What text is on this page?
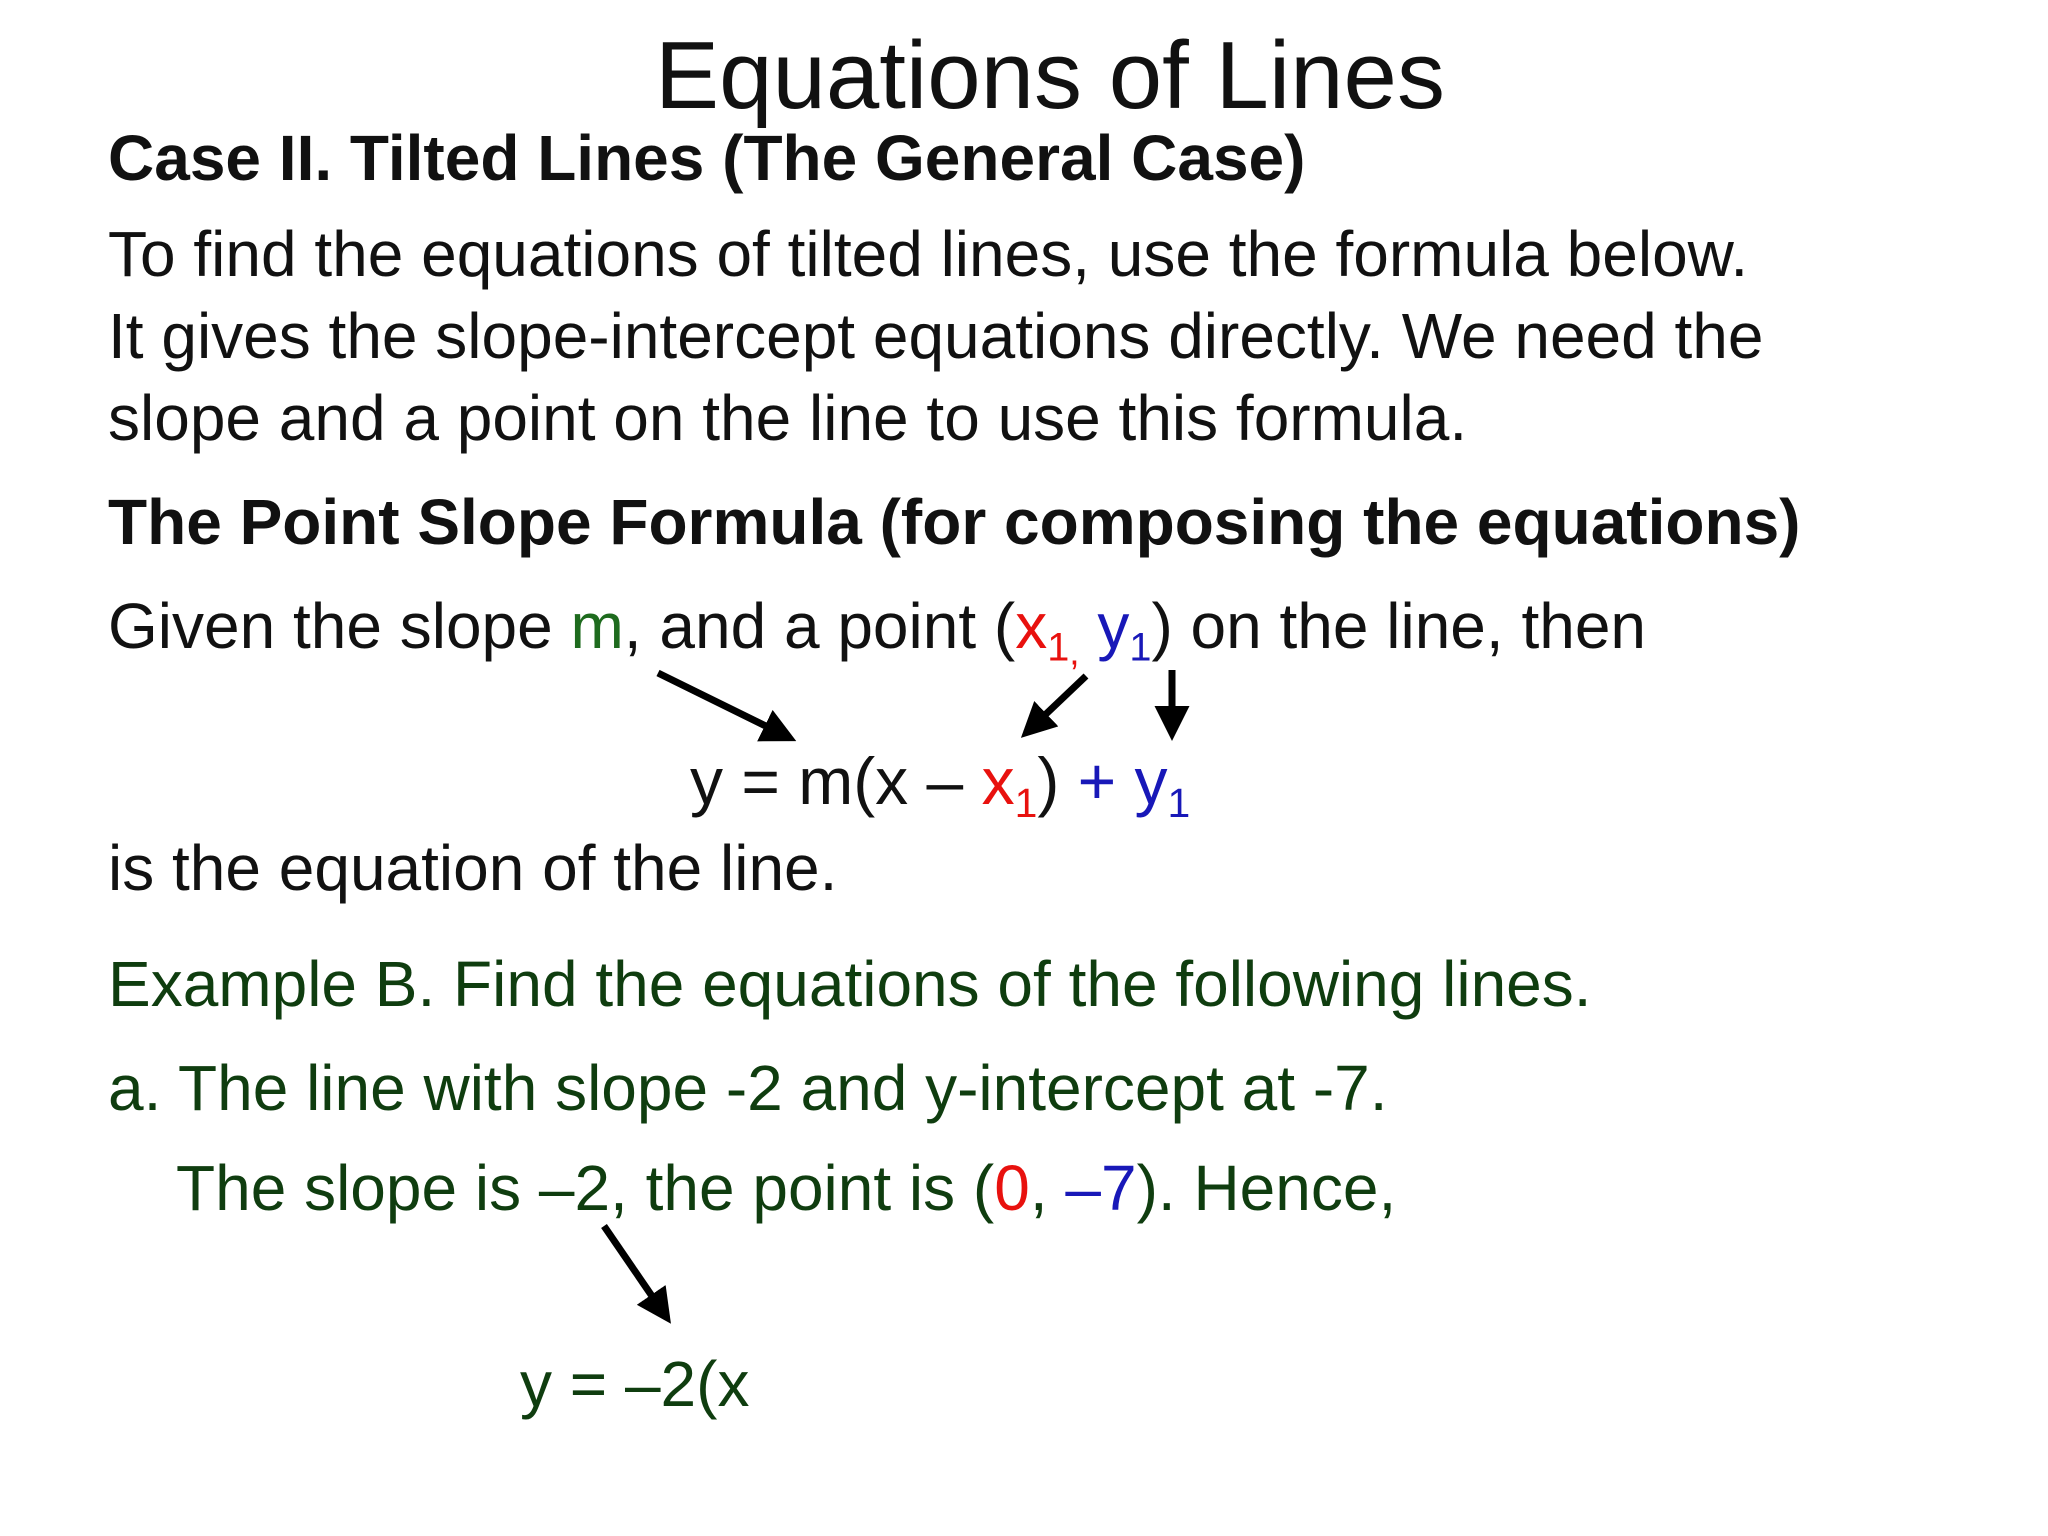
Equations of Lines
Case II. Tilted Lines (The General Case)
To find the equations of tilted lines, use the formula below.
It gives the slope-intercept equations directly. We need the
slope and a point on the line to use this formula.
The Point Slope Formula (for composing the equations)
Given the slope m, and a point ($x_{1,}$ $y_1$) on the line, then
$y = m(x - x_1) + y_1$
is the equation of the line.
Example B. Find the equations of the following lines.
a. The line with slope -2 and y-intercept at -7.
The slope is –2, the point is (0, –7). Hence,
y = –2(x
